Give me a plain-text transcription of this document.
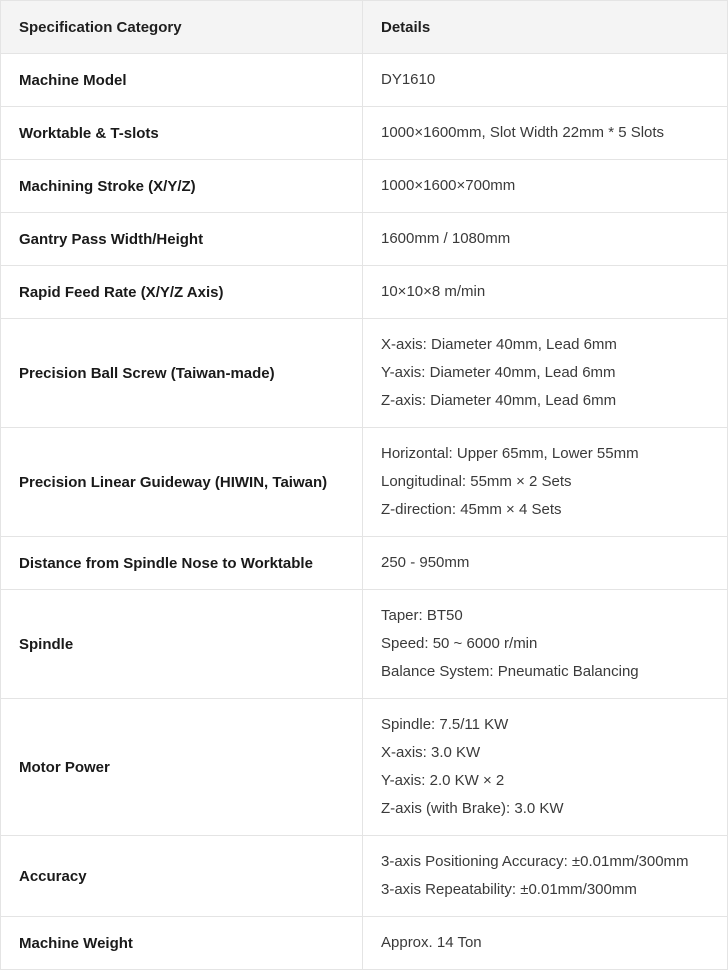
Specification Category	Details
Machine Model	DY1610

Worktable & T-slots	1000×1600mm, Slot Width 22mm * 5 Slots

Machining Stroke (X/Y/Z)	1000×1600×700mm

Gantry Pass Width/Height	1600mm / 1080mm

Rapid Feed Rate (X/Y/Z Axis)	10×10×8 m/min

Precision Ball Screw (Taiwan-made)	X-axis: Diameter 40mm, Lead 6mm
Y-axis: Diameter 40mm, Lead 6mm
Z-axis: Diameter 40mm, Lead 6mm

Precision Linear Guideway (HIWIN, Taiwan)	Horizontal: Upper 65mm, Lower 55mm
Longitudinal: 55mm × 2 Sets
Z-direction: 45mm × 4 Sets

Distance from Spindle Nose to Worktable	250 - 950mm

Spindle	Taper: BT50
Speed: 50 ~ 6000 r/min
Balance System: Pneumatic Balancing

Motor Power	Spindle: 7.5/11 KW
X-axis: 3.0 KW
Y-axis: 2.0 KW × 2
Z-axis (with Brake): 3.0 KW

Accuracy	3-axis Positioning Accuracy: ±0.01mm/300mm
3-axis Repeatability: ±0.01mm/300mm

Machine Weight	Approx. 14 Ton
